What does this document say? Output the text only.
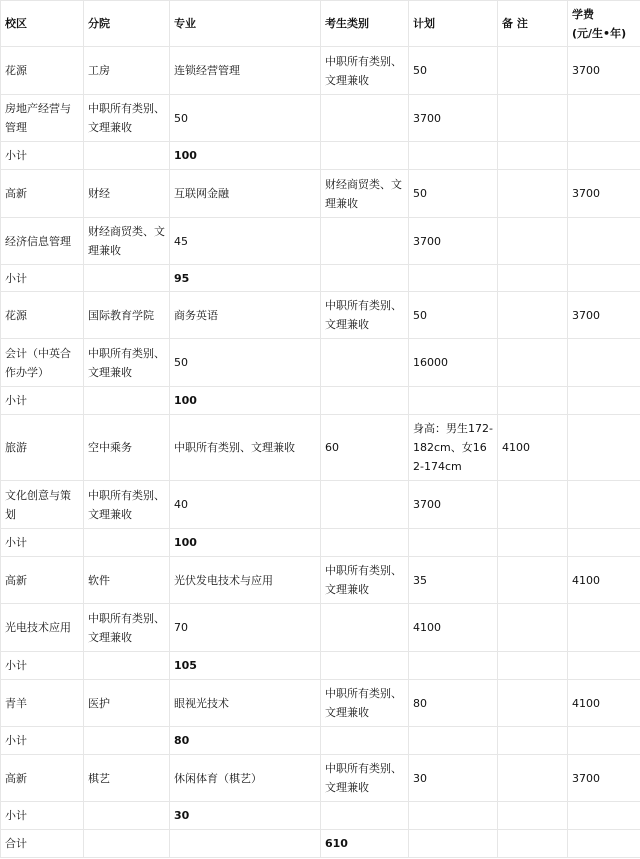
校区	分院	专业	考生类别	计划	备 注	学费
(元/生•年)
花源	工房	连锁经营管理	中职所有类别、文理兼收	50		3700
房地产经营与管理	中职所有类别、文理兼收	50		3700		
小计		100				
高新	财经	互联网金融	财经商贸类、文理兼收	50		3700
经济信息管理	财经商贸类、文理兼收	45		3700		
小计		95				
花源	国际教育学院	商务英语	中职所有类别、文理兼收	50		3700
会计（中英合作办学）	中职所有类别、文理兼收	50		16000		
小计		100				
旅游	空中乘务	中职所有类别、文理兼收	60	身高：男生172-182cm、女162-174cm	4100	
文化创意与策划	中职所有类别、文理兼收	40		3700		
小计		100				
高新	软件	光伏发电技术与应用	中职所有类别、文理兼收	35		4100
光电技术应用	中职所有类别、文理兼收	70		4100		
小计		105				
青羊	医护	眼视光技术	中职所有类别、文理兼收	80		4100
小计		80				
高新	棋艺	休闲体育（棋艺）	中职所有类别、文理兼收	30		3700
小计		30				
合计			610			
